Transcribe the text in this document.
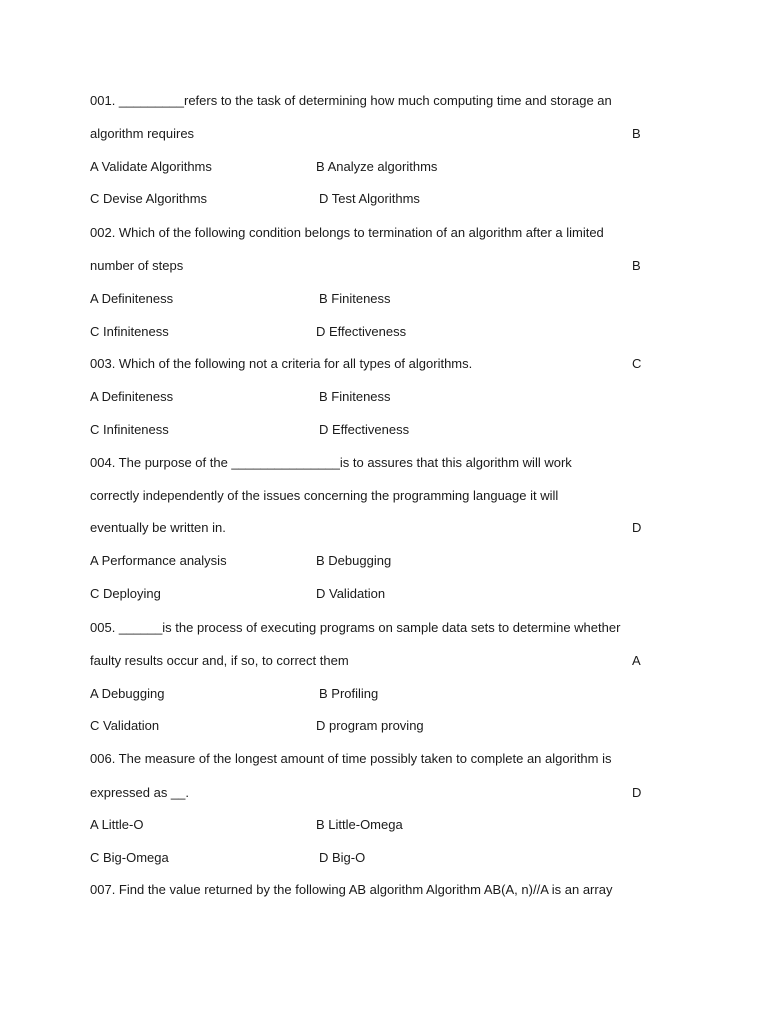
001. _________refers to the task of determining how much computing time and storage an
algorithm requires	B
A Validate Algorithms	B Analyze algorithms
C Devise Algorithms	D Test Algorithms
002. Which of the following condition belongs to termination of an algorithm after a limited
number of steps	B
A Definiteness	B Finiteness
C Infiniteness	D Effectiveness
003. Which of the following not a criteria for all types of algorithms.	C
A Definiteness	B Finiteness
C Infiniteness	D Effectiveness
004. The purpose of the _______________is to assures that this algorithm will work
correctly independently of the issues concerning the programming language it will
eventually be written in.	D
A Performance analysis	B Debugging
C Deploying	D Validation
005. ______is the process of executing programs on sample data sets to determine whether
faulty results occur and, if so, to correct them	A
A Debugging	B Profiling
C Validation	D program proving
006. The measure of the longest amount of time possibly taken to complete an algorithm is
expressed as __.	D
A Little-O	B Little-Omega
C Big-Omega	D Big-O
007. Find the value returned by the following AB algorithm Algorithm AB(A, n)//A is an array
